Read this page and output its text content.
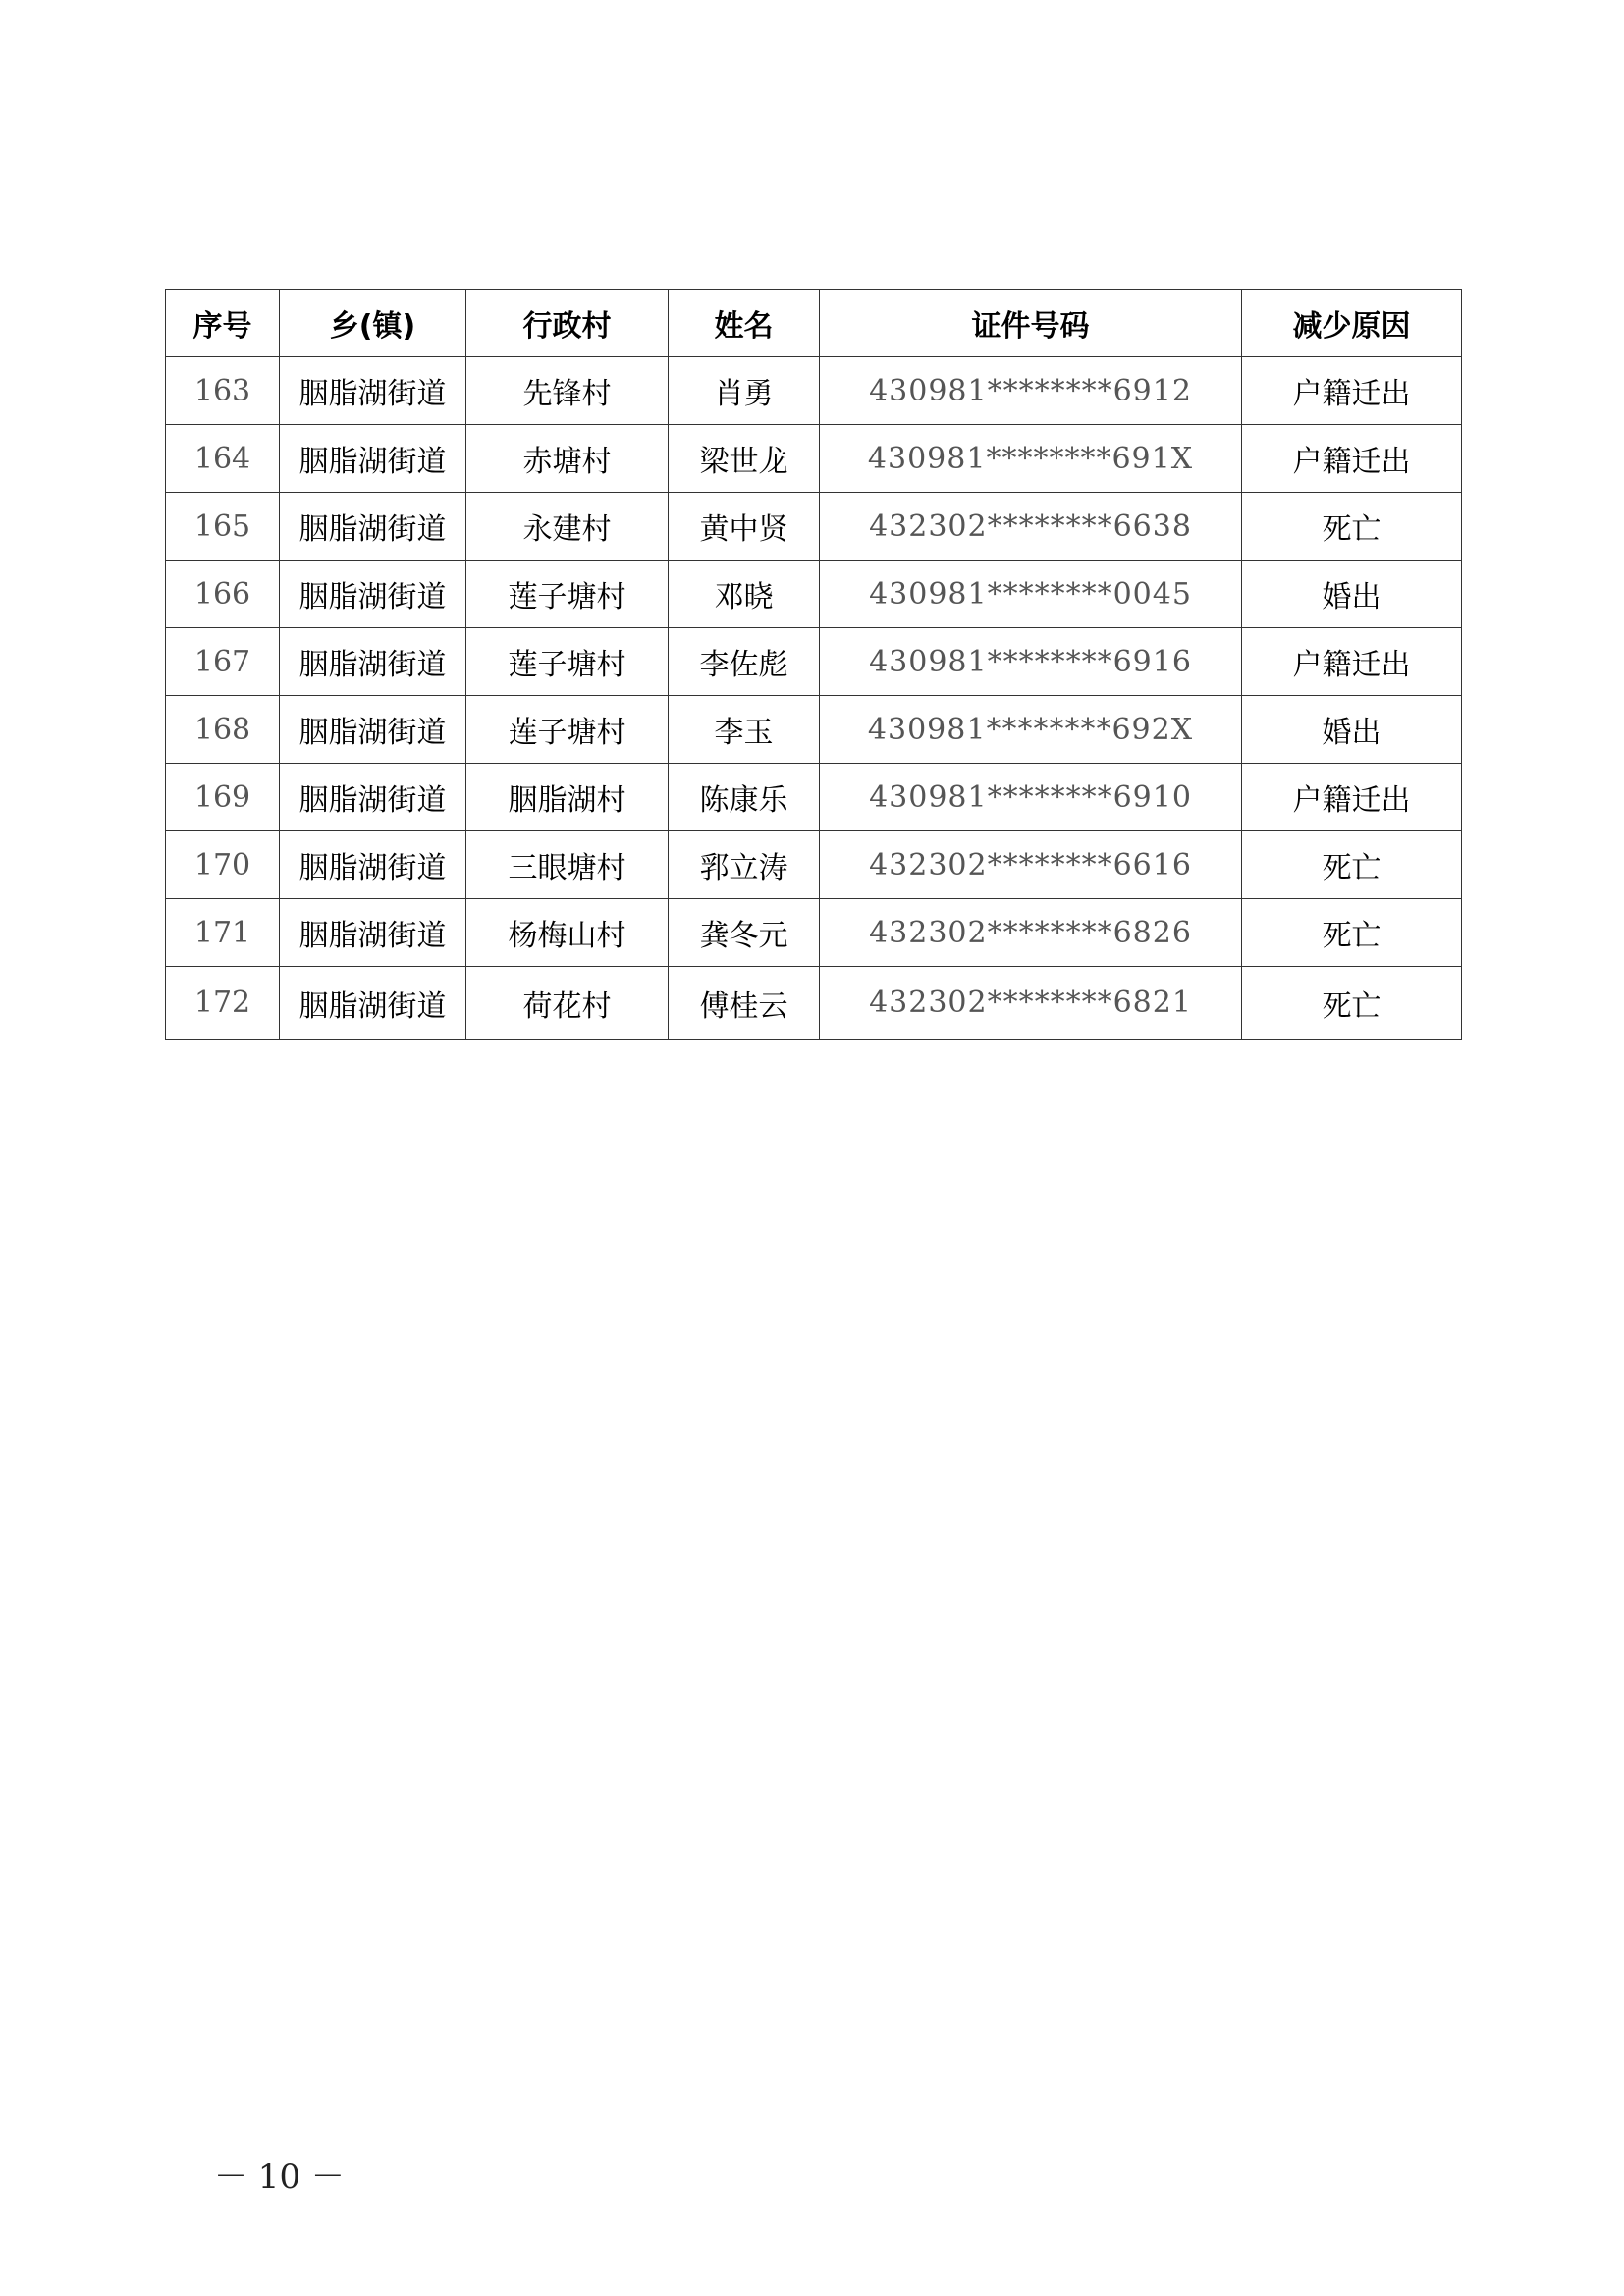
序号	乡(镇)	行政村	姓名	证件号码	减少原因
163	胭脂湖街道	先锋村	肖勇	430981********6912	户籍迁出
164	胭脂湖街道	赤塘村	梁世龙	430981********691X	户籍迁出
165	胭脂湖街道	永建村	黄中贤	432302********6638	死亡
166	胭脂湖街道	莲子塘村	邓晓	430981********0045	婚出
167	胭脂湖街道	莲子塘村	李佐彪	430981********6916	户籍迁出
168	胭脂湖街道	莲子塘村	李玉	430981********692X	婚出
169	胭脂湖街道	胭脂湖村	陈康乐	430981********6910	户籍迁出
170	胭脂湖街道	三眼塘村	郛立涛	432302********6616	死亡
171	胭脂湖街道	杨梅山村	龚冬元	432302********6826	死亡
172	胭脂湖街道	荷花村	傅桂云	432302********6821	死亡
－ 10 －
